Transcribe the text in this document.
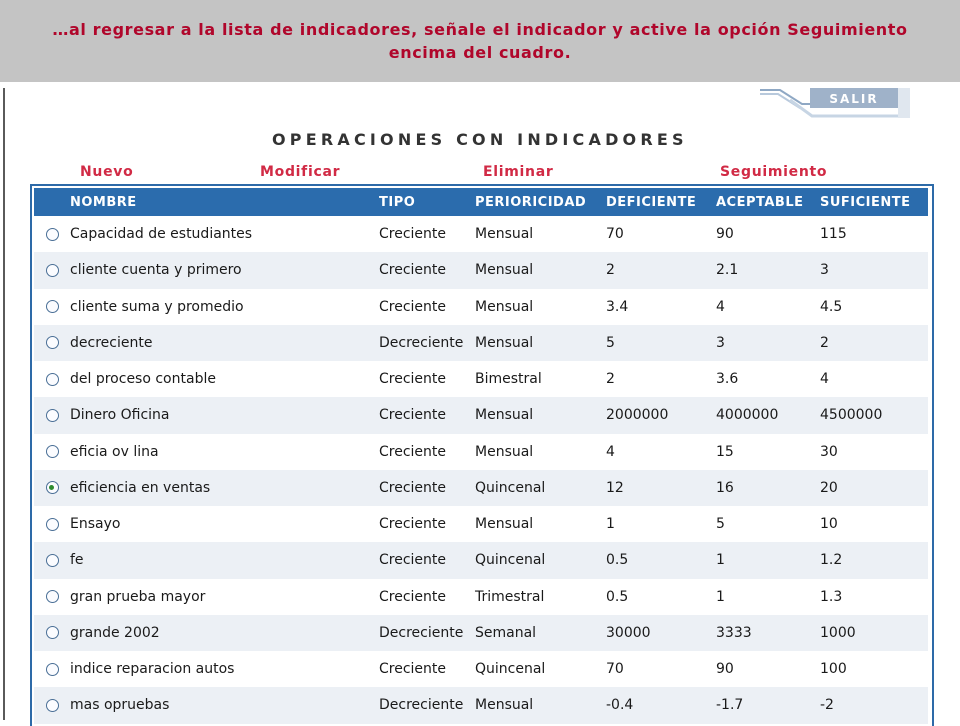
…al regresar a la lista de indicadores, señale el indicador y active la opción Seguimiento encima del cuadro.
SALIR
OPERACIONES CON INDICADORES
Nuevo	Modificar	Eliminar	Seguimiento
	NOMBRE	TIPO	PERIORICIDAD	DEFICIENTE	ACEPTABLE	SUFICIENTE
	Capacidad de estudiantes	Creciente	Mensual	70	90	115
	cliente cuenta y primero	Creciente	Mensual	2	2.1	3
	cliente suma y promedio	Creciente	Mensual	3.4	4	4.5
	decreciente	Decreciente	Mensual	5	3	2
	del proceso contable	Creciente	Bimestral	2	3.6	4
	Dinero Oficina	Creciente	Mensual	2000000	4000000	4500000
	eficia ov lina	Creciente	Mensual	4	15	30
	eficiencia en ventas	Creciente	Quincenal	12	16	20
	Ensayo	Creciente	Mensual	1	5	10
	fe	Creciente	Quincenal	0.5	1	1.2
	gran prueba mayor	Creciente	Trimestral	0.5	1	1.3
	grande 2002	Decreciente	Semanal	30000	3333	1000
	indice reparacion autos	Creciente	Quincenal	70	90	100
	mas opruebas	Decreciente	Mensual	-0.4	-1.7	-2
